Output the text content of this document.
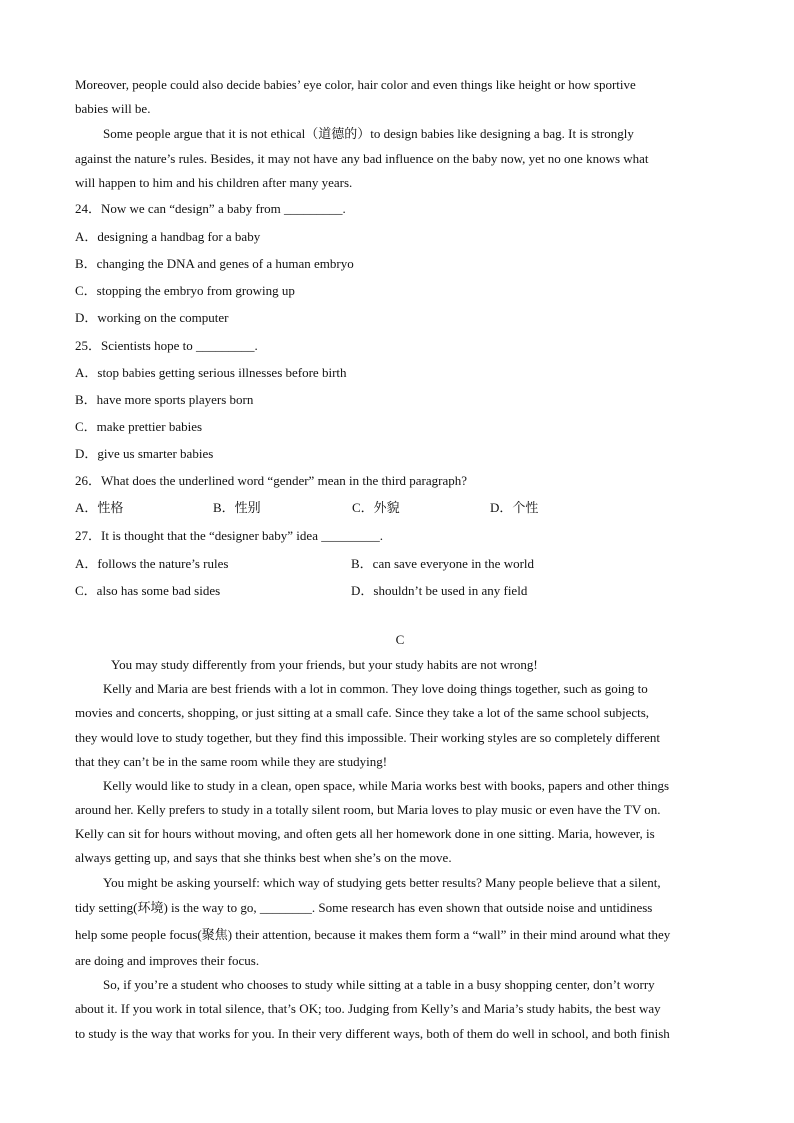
Moreover, people could also decide babies’ eye color, hair color and even things like height or how sportive
babies will be.
Some people argue that it is not ethical（道德的）to design babies like designing a bag. It is strongly
against the nature’s rules. Besides, it may not have any bad influence on the baby now, yet no one knows what
will happen to him and his children after many years.
24．Now we can “design” a baby from _________.
A．designing a handbag for a baby
B．changing the DNA and genes of a human embryo
C．stopping the embryo from growing up
D．working on the computer
25．Scientists hope to _________.
A．stop babies getting serious illnesses before birth
B．have more sports players born
C．make prettier babies
D．give us smarter babies
26．What does the underlined word “gender” mean in the third paragraph?
A．性格	B．性别	C．外貌	D．个性
27．It is thought that the “designer baby” idea _________.
A．follows the nature’s rules	B．can save everyone in the world
C．also has some bad sides	D．shouldn’t be used in any field
C
You may study differently from your friends, but your study habits are not wrong!
Kelly and Maria are best friends with a lot in common. They love doing things together, such as going to
movies and concerts, shopping, or just sitting at a small cafe. Since they take a lot of the same school subjects,
they would love to study together, but they find this impossible. Their working styles are so completely different
that they can’t be in the same room while they are studying!
Kelly would like to study in a clean, open space, while Maria works best with books, papers and other things
around her. Kelly prefers to study in a totally silent room, but Maria loves to play music or even have the TV on.
Kelly can sit for hours without moving, and often gets all her homework done in one sitting. Maria, however, is
always getting up, and says that she thinks best when she’s on the move.
You might be asking yourself: which way of studying gets better results? Many people believe that a silent,
tidy setting(环境) is the way to go, ________. Some research has even shown that outside noise and untidiness
help some people focus(聚焦) their attention, because it makes them form a “wall” in their mind around what they
are doing and improves their focus.
So, if you’re a student who chooses to study while sitting at a table in a busy shopping center, don’t worry
about it. If you work in total silence, that’s OK; too. Judging from Kelly’s and Maria’s study habits, the best way
to study is the way that works for you. In their very different ways, both of them do well in school, and both finish
